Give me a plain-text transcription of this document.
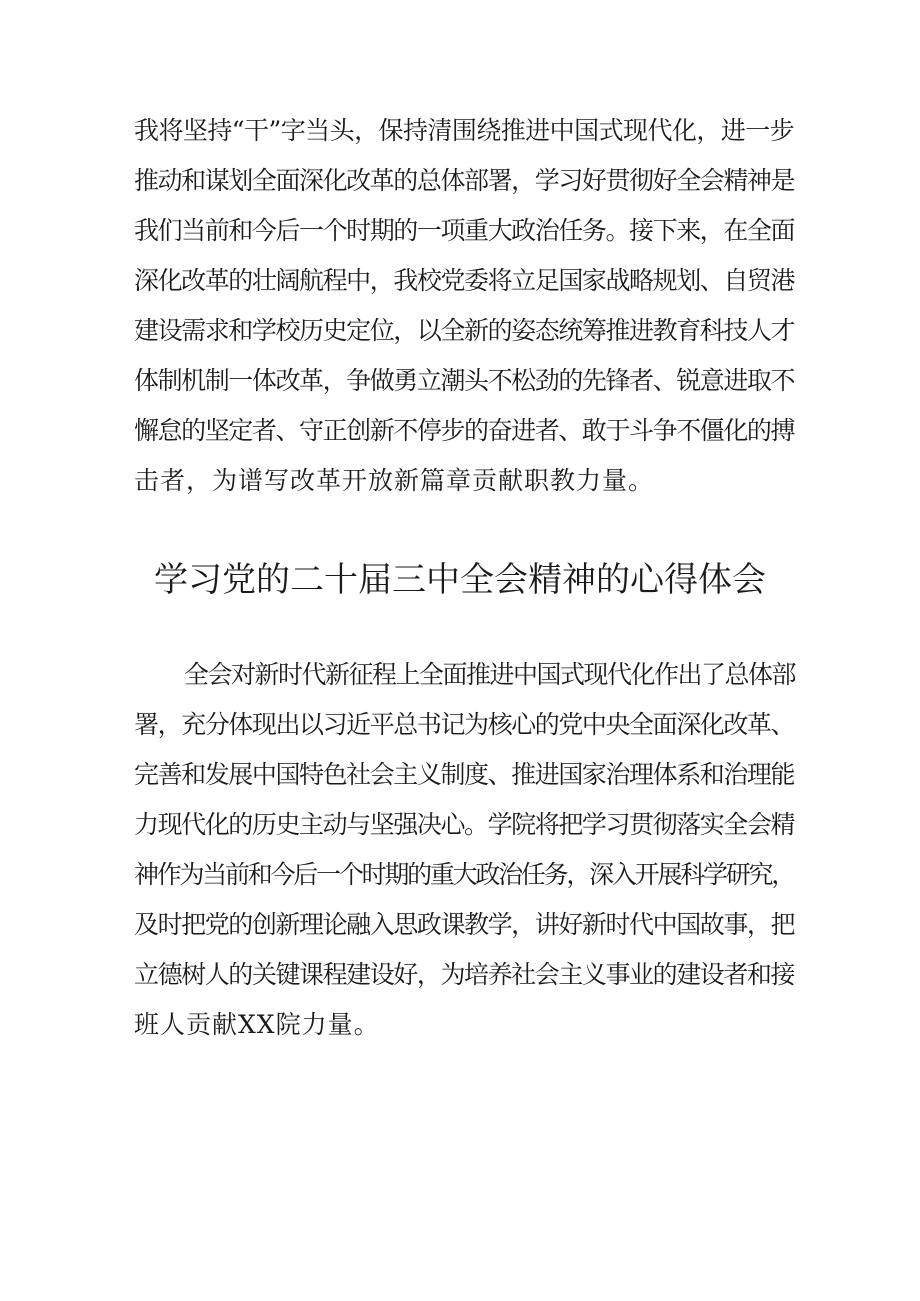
我将坚持“干”字当头，保持清围绕推进中国式现代化，进一步
推动和谋划全面深化改革的总体部署，学习好贯彻好全会精神是
我们当前和今后一个时期的一项重大政治任务。接下来，在全面
深化改革的壮阔航程中，我校党委将立足国家战略规划、自贸港
建设需求和学校历史定位，以全新的姿态统筹推进教育科技人才
体制机制一体改革，争做勇立潮头不松劲的先锋者、锐意进取不
懈怠的坚定者、守正创新不停步的奋进者、敢于斗争不僵化的搏
击者，为谱写改革开放新篇章贡献职教力量。
学习党的二十届三中全会精神的心得体会
全会对新时代新征程上全面推进中国式现代化作出了总体部
署，充分体现出以习近平总书记为核心的党中央全面深化改革、
完善和发展中国特色社会主义制度、推进国家治理体系和治理能
力现代化的历史主动与坚强决心。学院将把学习贯彻落实全会精
神作为当前和今后一个时期的重大政治任务，深入开展科学研究，
及时把党的创新理论融入思政课教学，讲好新时代中国故事，把
立德树人的关键课程建设好，为培养社会主义事业的建设者和接
班人贡献XX院力量。
